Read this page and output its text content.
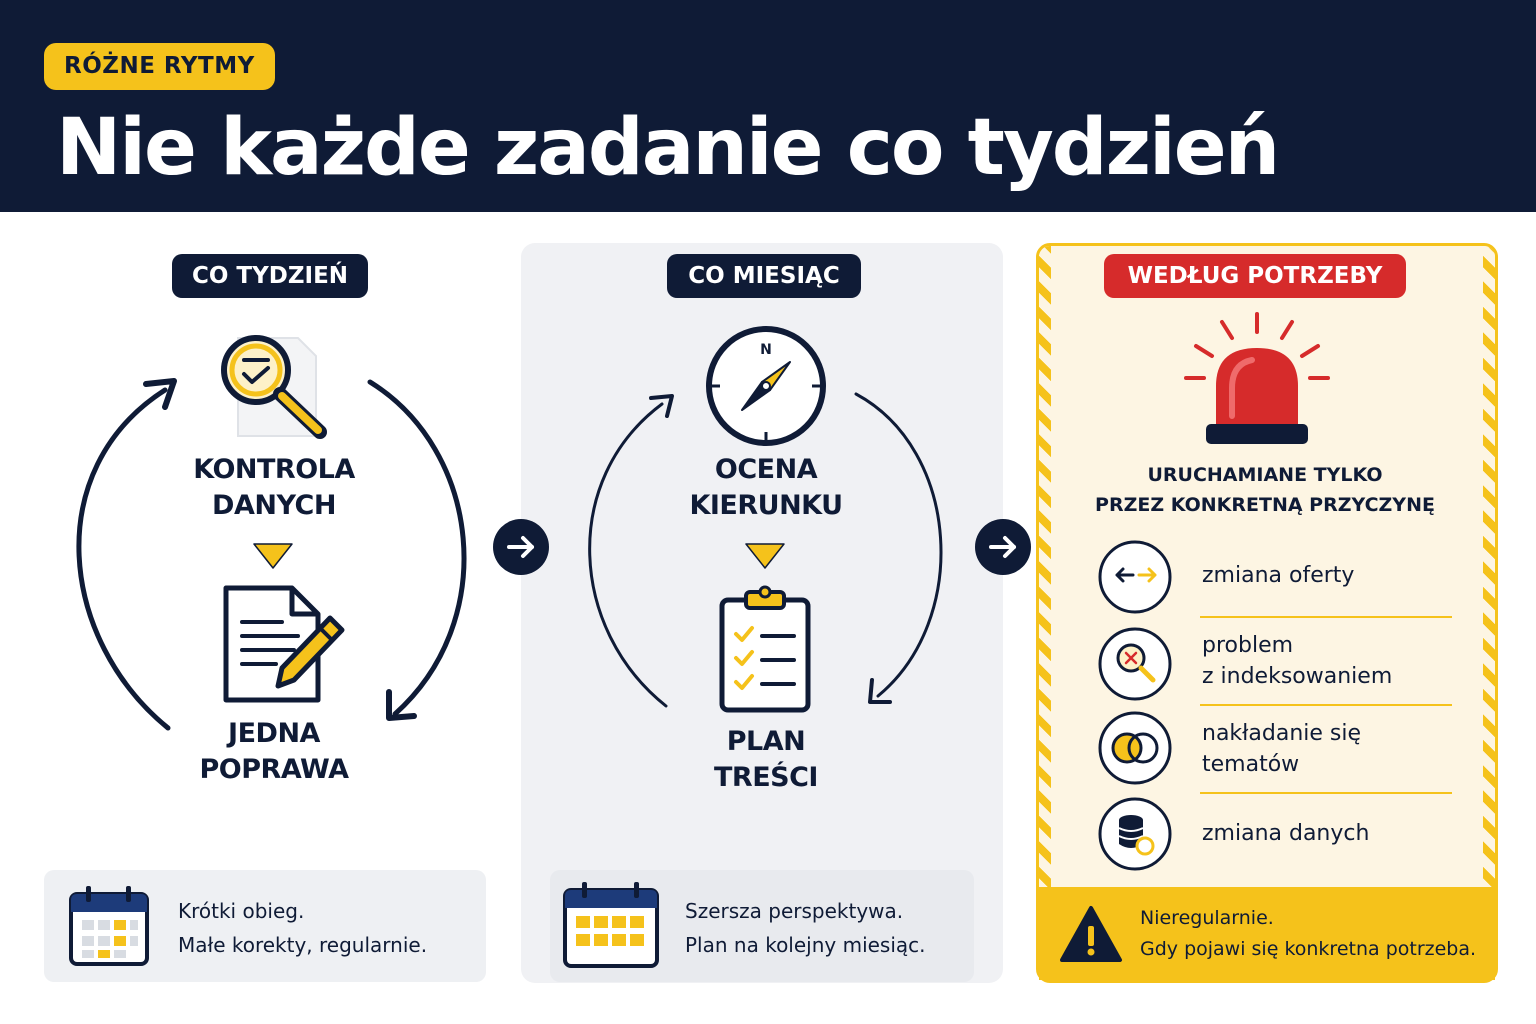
RÓŻNE RYTMY
Nie każde zadanie co tydzień
CO TYDZIEŃ
KONTROLA
DANYCH
JEDNA
POPRAWA
Krótki obieg.
Małe korekty, regularnie.
CO MIESIĄC
N
OCENA
KIERUNKU
PLAN
TREŚCI
Szersza perspektywa.
Plan na kolejny miesiąc.
WEDŁUG POTRZEBY
URUCHAMIANE TYLKO
PRZEZ KONKRETNĄ PRZYCZYNĘ
zmiana oferty
problem
z indeksowaniem
nakładanie się
tematów
zmiana danych
Nieregularnie.
Gdy pojawi się konkretna potrzeba.
